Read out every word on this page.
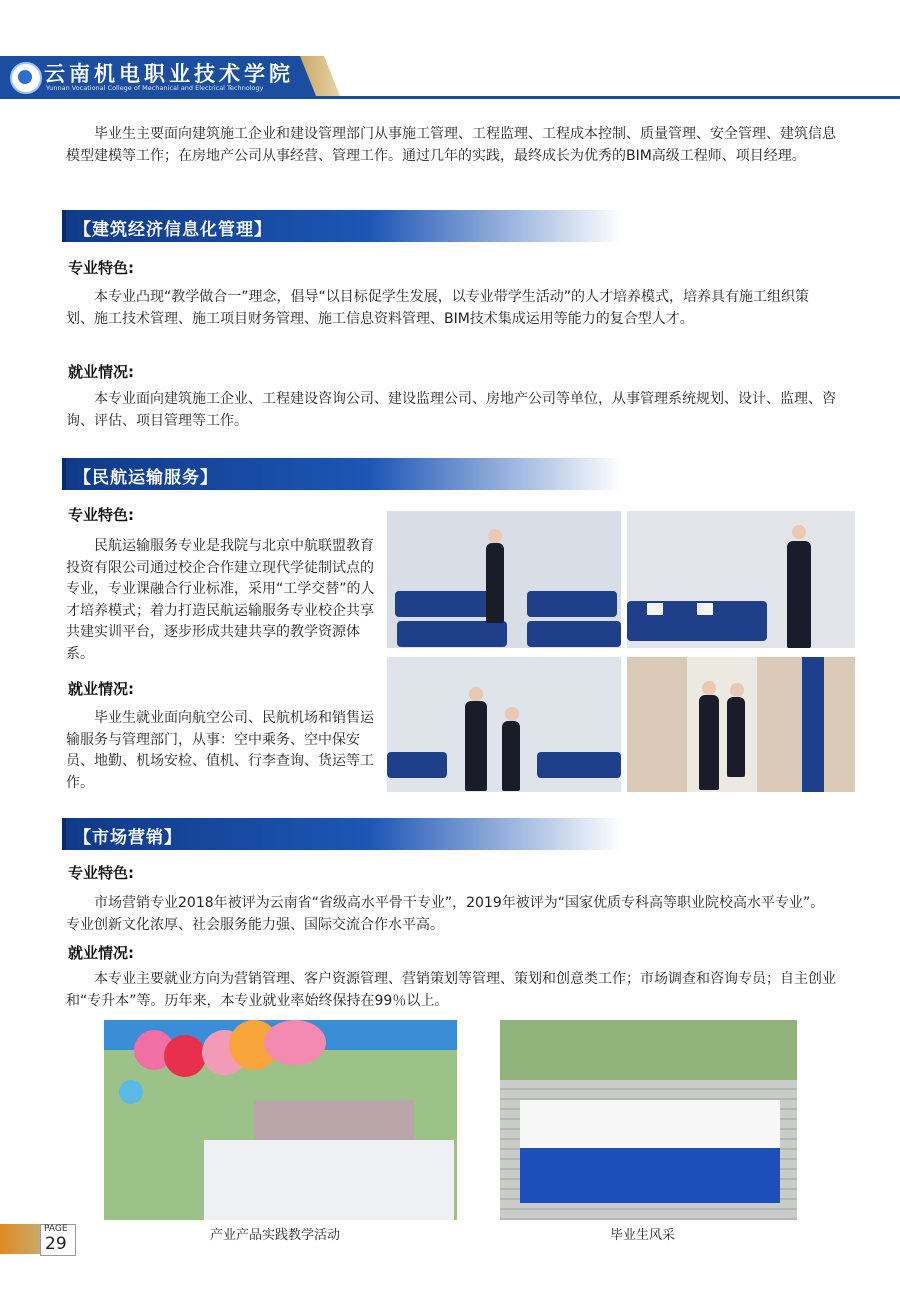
云南机电职业技术学院
Yunnan Vocational College of Mechanical and Electrical Technology
毕业生主要面向建筑施工企业和建设管理部门从事施工管理、工程监理、工程成本控制、质量管理、安全管理、建筑信息模型建模等工作；在房地产公司从事经营、管理工作。通过几年的实践，最终成长为优秀的BIM高级工程师、项目经理。
【建筑经济信息化管理】
专业特色:
本专业凸现“教学做合一”理念，倡导“以目标促学生发展，以专业带学生活动”的人才培养模式，培养具有施工组织策划、施工技术管理、施工项目财务管理、施工信息资料管理、BIM技术集成运用等能力的复合型人才。
就业情况:
本专业面向建筑施工企业、工程建设咨询公司、建设监理公司、房地产公司等单位，从事管理系统规划、设计、监理、咨询、评估、项目管理等工作。
【民航运输服务】
专业特色:
民航运输服务专业是我院与北京中航联盟教育投资有限公司通过校企合作建立现代学徒制试点的专业，专业课融合行业标准，采用“工学交替”的人才培养模式；着力打造民航运输服务专业校企共享共建实训平台，逐步形成共建共享的教学资源体系。
就业情况:
毕业生就业面向航空公司、民航机场和销售运输服务与管理部门，从事：空中乘务、空中保安员、地勤、机场安检、值机、行李查询、货运等工作。
【市场营销】
专业特色:
市场营销专业2018年被评为云南省“省级高水平骨干专业”，2019年被评为“国家优质专科高等职业院校高水平专业”。专业创新文化浓厚、社会服务能力强、国际交流合作水平高。
就业情况:
本专业主要就业方向为营销管理、客户资源管理、营销策划等管理、策划和创意类工作；市场调查和咨询专员；自主创业和“专升本”等。历年来，本专业就业率始终保持在99％以上。
产业产品实践教学活动	毕业生风采
PAGE
29
